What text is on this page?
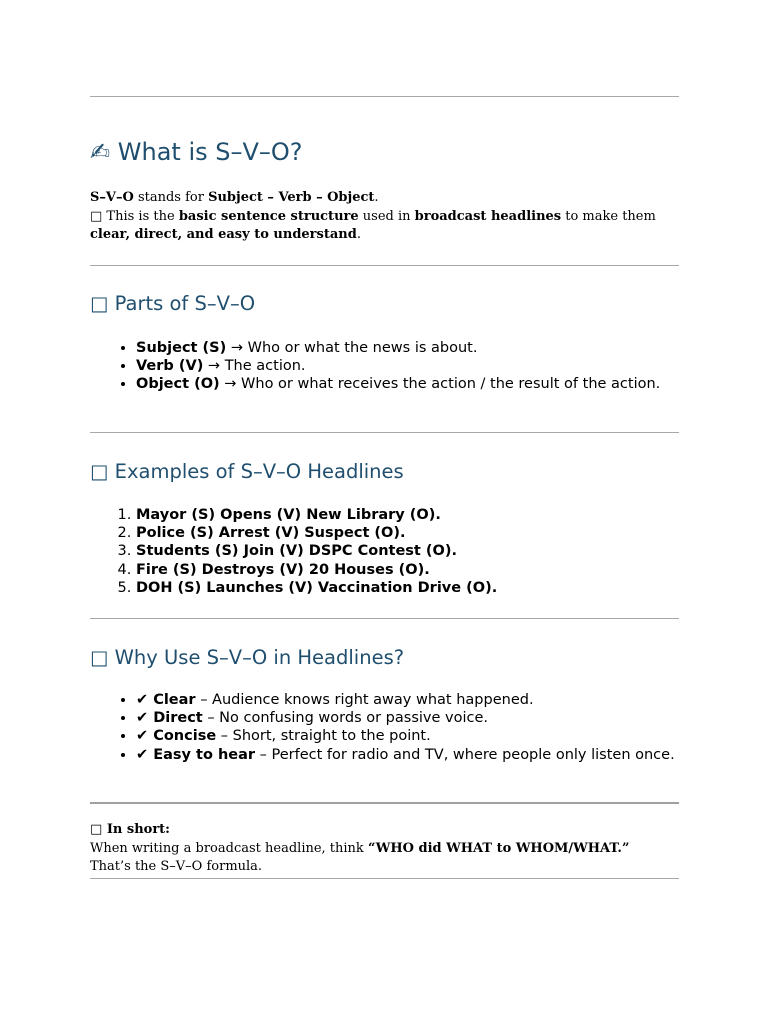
✍ What is S–V–O?
S–V–O stands for Subject – Verb – Object.
□ This is the basic sentence structure used in broadcast headlines to make them clear, direct, and easy to understand.
□ Parts of S–V–O
• Subject (S) → Who or what the news is about.
• Verb (V) → The action.
• Object (O) → Who or what receives the action / the result of the action.
□ Examples of S–V–O Headlines
1. Mayor (S) Opens (V) New Library (O).
2. Police (S) Arrest (V) Suspect (O).
3. Students (S) Join (V) DSPC Contest (O).
4. Fire (S) Destroys (V) 20 Houses (O).
5. DOH (S) Launches (V) Vaccination Drive (O).
□ Why Use S–V–O in Headlines?
• ✔ Clear – Audience knows right away what happened.
• ✔ Direct – No confusing words or passive voice.
• ✔ Concise – Short, straight to the point.
• ✔ Easy to hear – Perfect for radio and TV, where people only listen once.
□ In short:
When writing a broadcast headline, think “WHO did WHAT to WHOM/WHAT.”
That’s the S–V–O formula.
